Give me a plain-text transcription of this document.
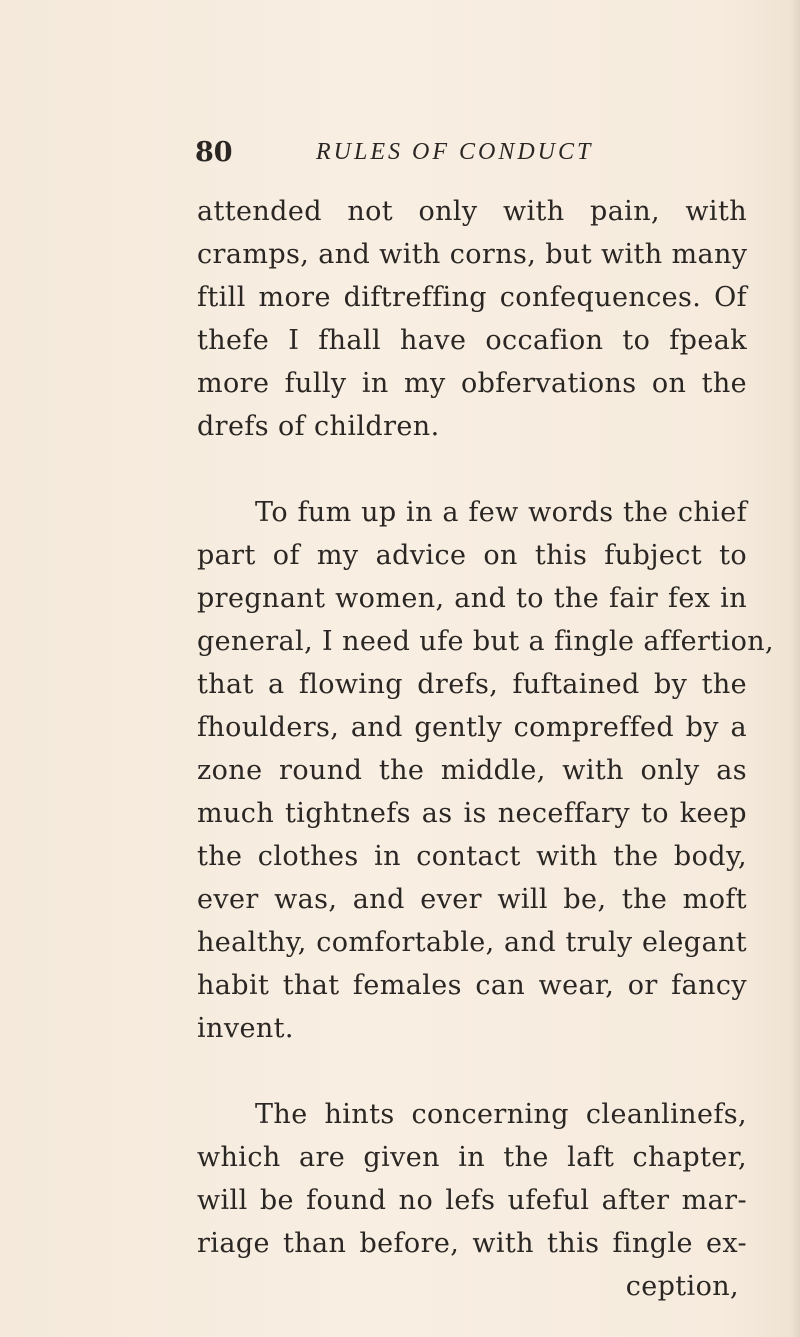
80	RULES OF CONDUCT
attended not only with pain, with
cramps, and with corns, but with many
ftill more diftreffing confequences. Of
thefe I fhall have occafion to fpeak
more fully in my obfervations on the
drefs of children.
To fum up in a few words the chief
part of my advice on this fubject to
pregnant women, and to the fair fex in
general, I need ufe but a fingle affertion,
that a flowing drefs, fuftained by the
fhoulders, and gently compreffed by a
zone round the middle, with only as
much tightnefs as is neceffary to keep
the clothes in contact with the body,
ever was, and ever will be, the moft
healthy, comfortable, and truly elegant
habit that females can wear, or fancy
invent.
The hints concerning cleanlinefs,
which are given in the laft chapter,
will be found no lefs ufeful after mar-
riage than before, with this fingle ex-
ception,
